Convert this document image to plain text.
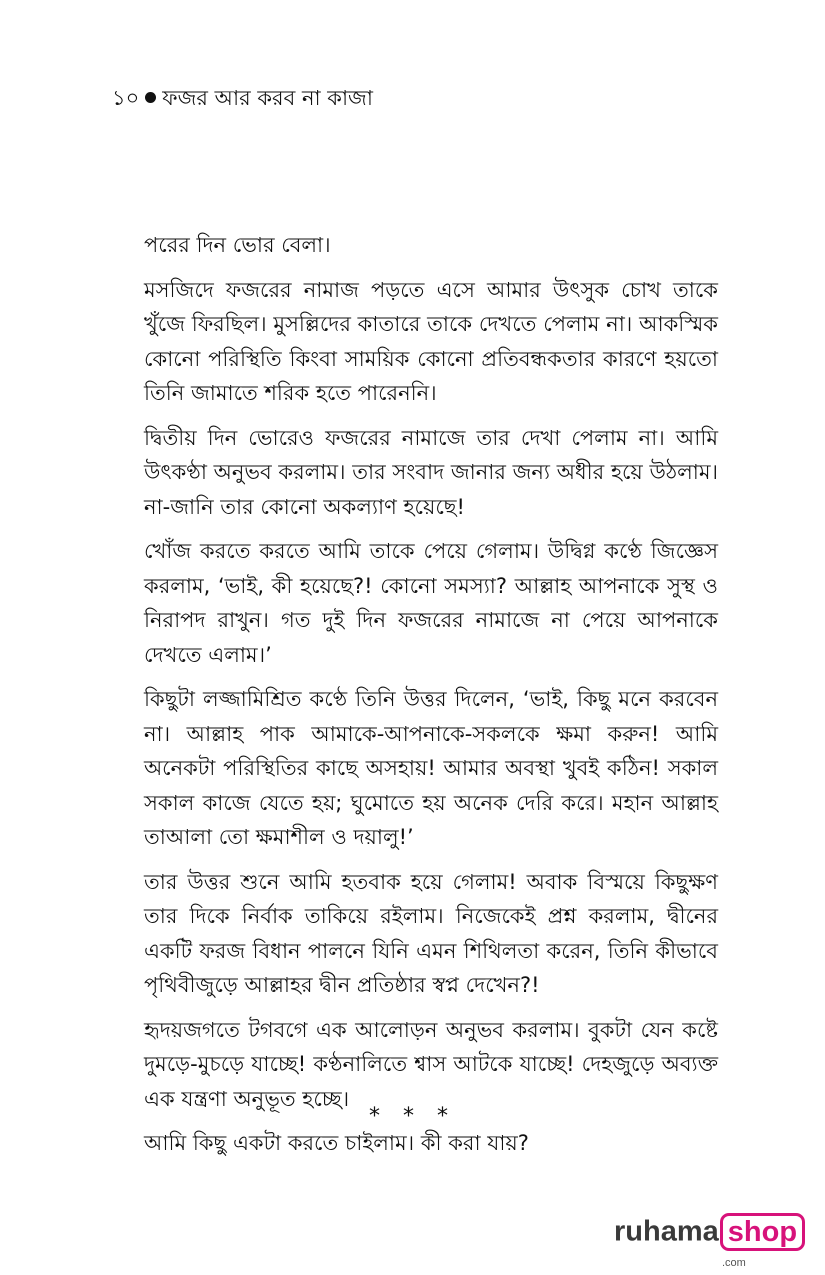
১০ ফজর আর করব না কাজা

পরের দিন ভোর বেলা।

মসজিদে ফজরের নামাজ পড়তে এসে আমার উৎসুক চোখ তাকে খুঁজে ফিরছিল। মুসল্লিদের কাতারে তাকে দেখতে পেলাম না। আকস্মিক কোনো পরিস্থিতি কিংবা সাময়িক কোনো প্রতিবন্ধকতার কারণে হয়তো তিনি জামাতে শরিক হতে পারেননি।

দ্বিতীয় দিন ভোরেও ফজরের নামাজে তার দেখা পেলাম না। আমি উৎকণ্ঠা অনুভব করলাম। তার সংবাদ জানার জন্য অধীর হয়ে উঠলাম। না-জানি তার কোনো অকল্যাণ হয়েছে!

খোঁজ করতে করতে আমি তাকে পেয়ে গেলাম। উদ্বিগ্ন কণ্ঠে জিজ্ঞেস করলাম, ‘ভাই, কী হয়েছে?! কোনো সমস্যা? আল্লাহ আপনাকে সুস্থ ও নিরাপদ রাখুন। গত দুই দিন ফজরের নামাজে না পেয়ে আপনাকে দেখতে এলাম।’

কিছুটা লজ্জামিশ্রিত কণ্ঠে তিনি উত্তর দিলেন, ‘ভাই, কিছু মনে করবেন না। আল্লাহ পাক আমাকে-আপনাকে-সকলকে ক্ষমা করুন! আমি অনেকটা পরিস্থিতির কাছে অসহায়! আমার অবস্থা খুবই কঠিন! সকাল সকাল কাজে যেতে হয়; ঘুমোতে হয় অনেক দেরি করে। মহান আল্লাহ তাআলা তো ক্ষমাশীল ও দয়ালু!’

তার উত্তর শুনে আমি হতবাক হয়ে গেলাম! অবাক বিস্ময়ে কিছুক্ষণ তার দিকে নির্বাক তাকিয়ে রইলাম। নিজেকেই প্রশ্ন করলাম, দ্বীনের একটি ফরজ বিধান পালনে যিনি এমন শিথিলতা করেন, তিনি কীভাবে পৃথিবীজুড়ে আল্লাহর দ্বীন প্রতিষ্ঠার স্বপ্ন দেখেন?!

হৃদয়জগতে টগবগে এক আলোড়ন অনুভব করলাম। বুকটা যেন কষ্টে দুমড়ে-মুচড়ে যাচ্ছে! কণ্ঠনালিতে শ্বাস আটকে যাচ্ছে! দেহজুড়ে অব্যক্ত এক যন্ত্রণা অনুভূত হচ্ছে।

আমি কিছু একটা করতে চাইলাম। কী করা যায়?

* * *
ruhama shop
.com
